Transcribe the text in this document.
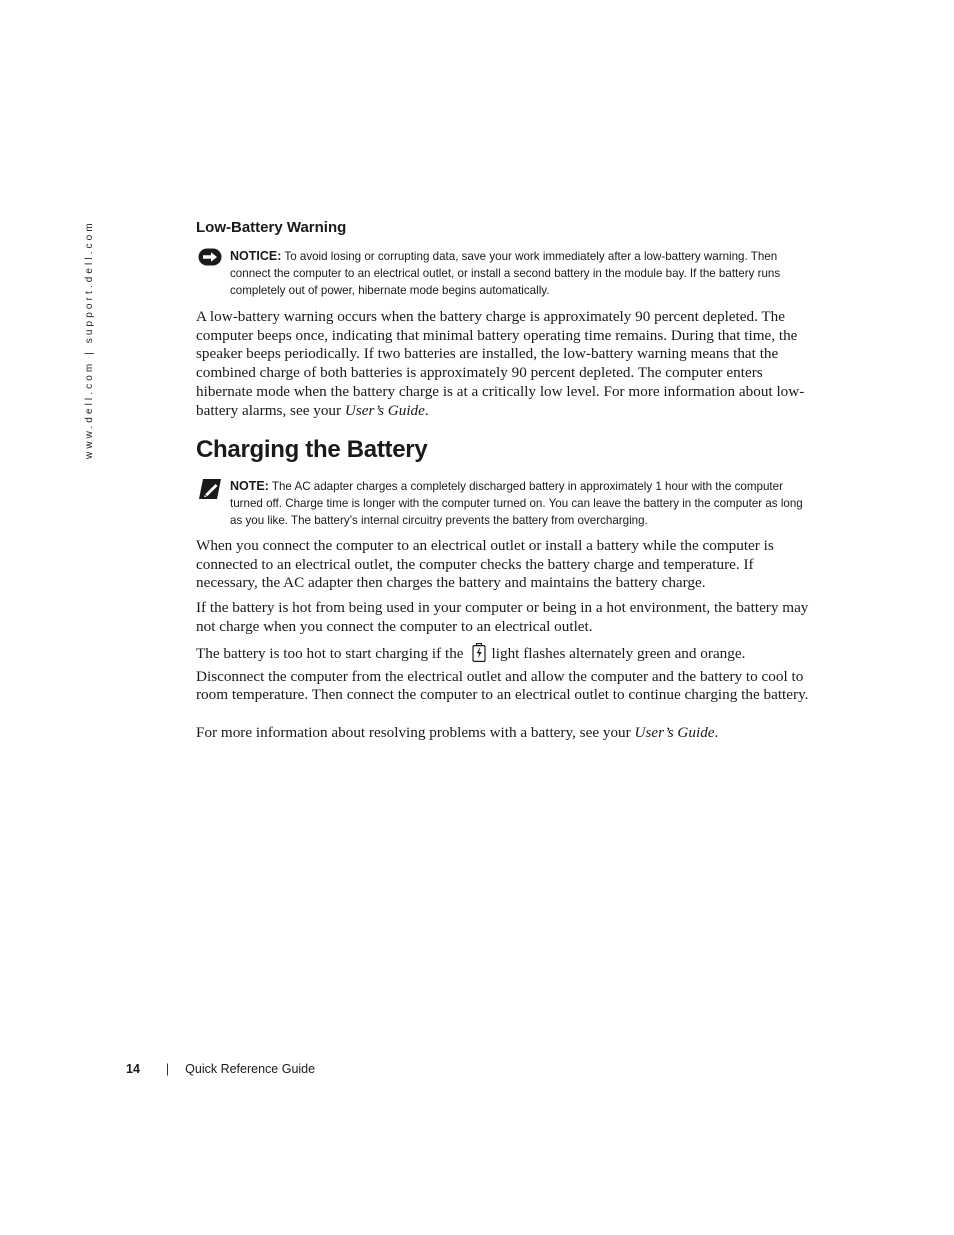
www.dell.com | support.dell.com	Low-Battery Warning
NOTICE: To avoid losing or corrupting data, save your work immediately after a low-battery warning. Then connect the computer to an electrical outlet, or install a second battery in the module bay. If the battery runs completely out of power, hibernate mode begins automatically.

A low-battery warning occurs when the battery charge is approximately 90 percent depleted. The computer beeps once, indicating that minimal battery operating time remains. During that time, the speaker beeps periodically. If two batteries are installed, the low-battery warning means that the combined charge of both batteries is approximately 90 percent depleted. The computer enters hibernate mode when the battery charge is at a critically low level. For more information about low-battery alarms, see your User’s Guide.

Charging the Battery
NOTE: The AC adapter charges a completely discharged battery in approximately 1 hour with the computer turned off. Charge time is longer with the computer turned on. You can leave the battery in the computer as long as you like. The battery’s internal circuitry prevents the battery from overcharging.

When you connect the computer to an electrical outlet or install a battery while the computer is connected to an electrical outlet, the computer checks the battery charge and temperature. If necessary, the AC adapter then charges the battery and maintains the battery charge.

If the battery is hot from being used in your computer or being in a hot environment, the battery may not charge when you connect the computer to an electrical outlet.

The battery is too hot to start charging if the light flashes alternately green and orange. Disconnect the computer from the electrical outlet and allow the computer and the battery to cool to room temperature. Then connect the computer to an electrical outlet to continue charging the battery.

For more information about resolving problems with a battery, see your User’s Guide.

14 | Quick Reference Guide
